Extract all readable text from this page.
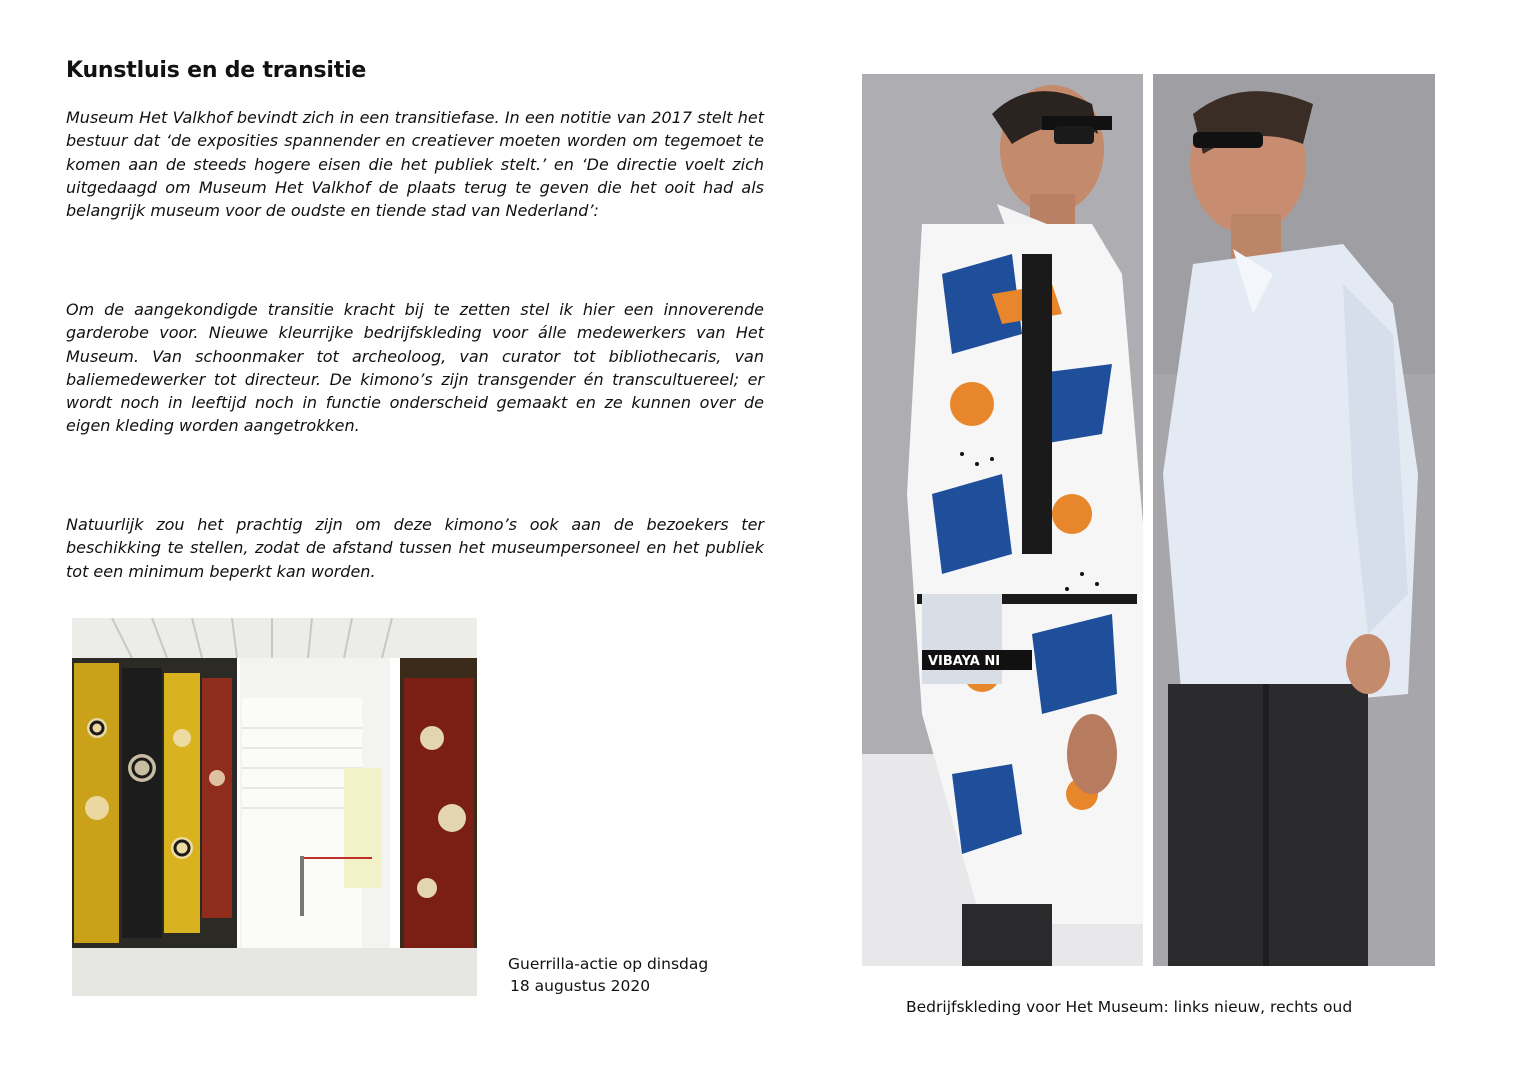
Kunstluis en de transitie

Museum Het Valkhof bevindt zich in een transitiefase. In een notitie van 2017 stelt het bestuur dat ‘de exposities spannender en creatiever moeten worden om tegemoet te komen aan de steeds hogere eisen die het publiek stelt.’ en ‘De directie voelt zich uitgedaagd om Museum Het Valkhof de plaats terug te geven die het ooit had als belangrijk museum voor de oudste en tiende stad van Nederland’:

Om de aangekondigde transitie kracht bij te zetten stel ik hier een innoverende garderobe voor. Nieuwe kleurrijke bedrijfskleding voor álle medewerkers van Het Museum. Van schoonmaker tot archeoloog, van curator tot bibliothecaris, van baliemedewerker tot directeur. De kimono’s zijn transgender én transcultuereel; er wordt noch in leeftijd noch in functie onderscheid gemaakt en ze kunnen over de eigen kleding worden aangetrokken.

Natuurlijk zou het prachtig zijn om deze kimono’s ook aan de bezoekers ter beschikking te stellen, zodat de afstand tussen het museumpersoneel en het publiek tot een minimum beperkt kan worden.

VIBAYA NI
Guerrilla-actie op dinsdag
18 augustus 2020
Bedrijfskleding voor Het Museum: links nieuw, rechts oud
